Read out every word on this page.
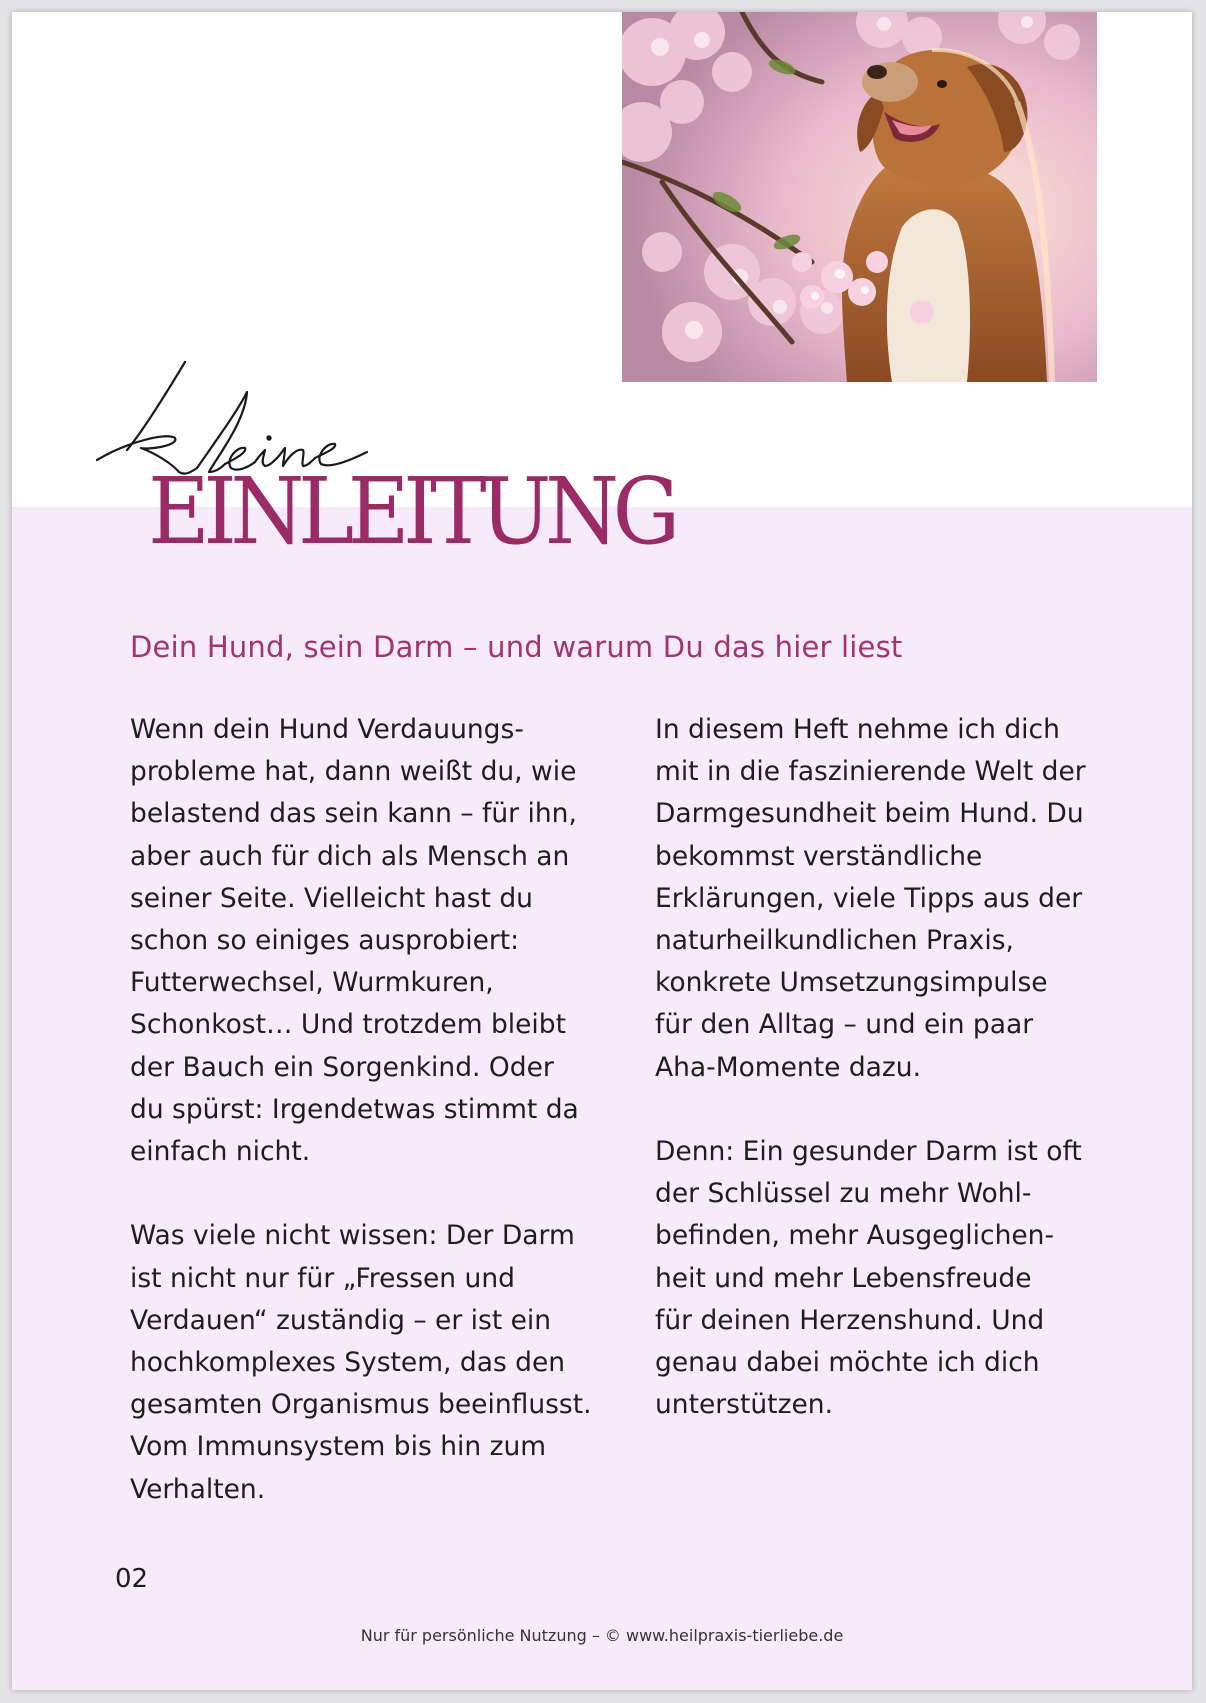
EINLEITUNG
Dein Hund, sein Darm – und warum Du das hier liest

Wenn dein Hund Verdauungs-
probleme hat, dann weißt du, wie
belastend das sein kann – für ihn,
aber auch für dich als Mensch an
seiner Seite. Vielleicht hast du
schon so einiges ausprobiert:
Futterwechsel, Wurmkuren,
Schonkost… Und trotzdem bleibt
der Bauch ein Sorgenkind. Oder
du spürst: Irgendetwas stimmt da
einfach nicht.

Was viele nicht wissen: Der Darm
ist nicht nur für „Fressen und
Verdauen“ zuständig – er ist ein
hochkomplexes System, das den
gesamten Organismus beeinflusst.
Vom Immunsystem bis hin zum
Verhalten.

In diesem Heft nehme ich dich
mit in die faszinierende Welt der
Darmgesundheit beim Hund. Du
bekommst verständliche
Erklärungen, viele Tipps aus der
naturheilkundlichen Praxis,
konkrete Umsetzungsimpulse
für den Alltag – und ein paar
Aha-Momente dazu.

Denn: Ein gesunder Darm ist oft
der Schlüssel zu mehr Wohl-
befinden, mehr Ausgeglichen-
heit und mehr Lebensfreude
für deinen Herzenshund. Und
genau dabei möchte ich dich
unterstützen.

02
Nur für persönliche Nutzung – © www.heilpraxis-tierliebe.de
